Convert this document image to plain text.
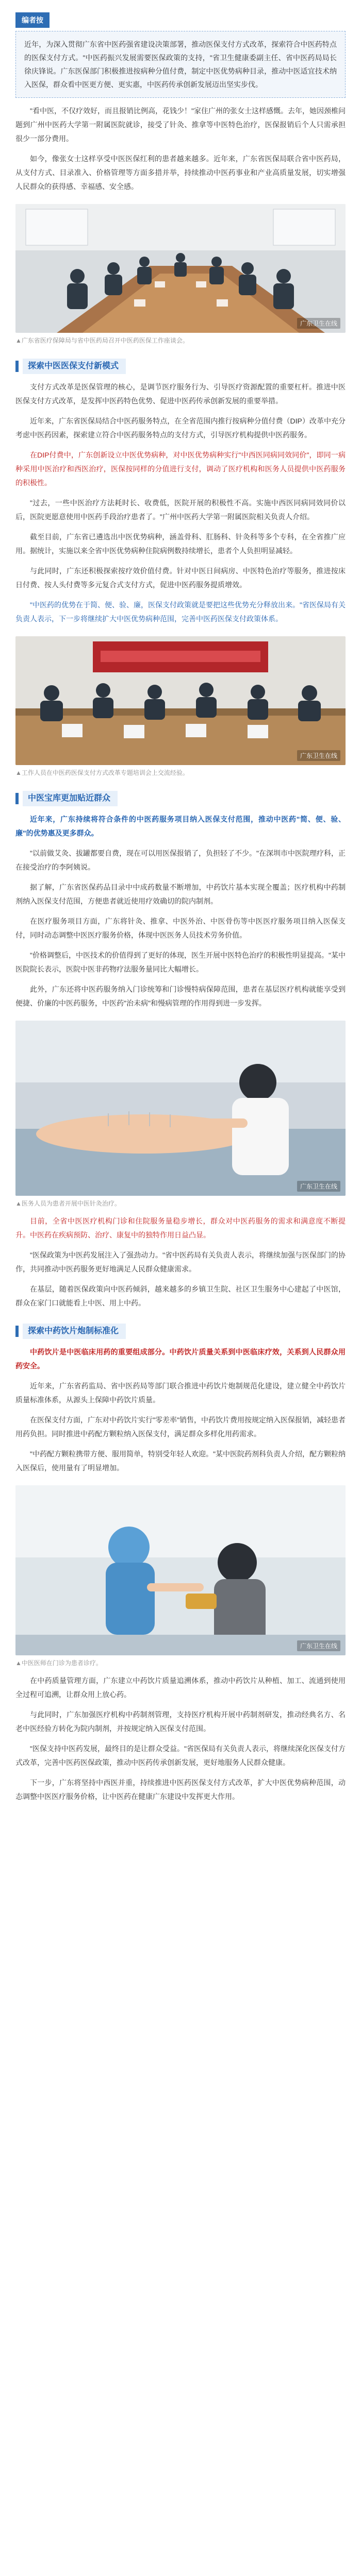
编者按
近年，为深入贯彻广东省中医药强省建设决策部署，推动医保支付方式改革，探索符合中医药特点的医保支付方式。"中医药振兴发展需要医保政策的支持，"省卫生健康委副主任、省中医药局局长徐庆锋说。广东医保部门积极推进按病种分值付费，制定中医优势病种目录，推动中医适宜技术纳入医保，群众看中医更方便、更实惠，中医药传承创新发展迈出坚实步伐。

"看中医，不仅疗效好，而且报销比例高，花钱少！"家住广州的张女士这样感慨。去年，她因颈椎问题到广州中医药大学第一附属医院就诊，接受了针灸、推拿等中医特色治疗，医保报销后个人只需承担很少一部分费用。

如今，像张女士这样享受中医医保红利的患者越来越多。近年来，广东省医保局联合省中医药局，从支付方式、目录准入、价格管理等方面多措并举，持续推动中医药事业和产业高质量发展，切实增强人民群众的获得感、幸福感、安全感。

广东卫生在线
▲广东省医疗保障局与省中医药局召开中医药医保工作座谈会。
探索中医医保支付新模式

支付方式改革是医保管理的核心，是调节医疗服务行为、引导医疗资源配置的重要杠杆。推进中医医保支付方式改革，是发挥中医药特色优势、促进中医药传承创新发展的重要举措。

近年来，广东省医保局结合中医药服务特点，在全省范围内推行按病种分值付费（DIP）改革中充分考虑中医药因素，探索建立符合中医药服务特点的支付方式，引导医疗机构提供中医药服务。

在DIP付费中，广东创新设立中医优势病种，对中医优势病种实行"中西医同病同效同价"，即同一病种采用中医治疗和西医治疗，医保按同样的分值进行支付，调动了医疗机构和医务人员提供中医药服务的积极性。

"过去，一些中医治疗方法耗时长、收费低，医院开展的积极性不高。实施中西医同病同效同价以后，医院更愿意使用中医药手段治疗患者了。"广州中医药大学第一附属医院相关负责人介绍。

截至目前，广东省已遴选出中医优势病种，涵盖骨科、肛肠科、针灸科等多个专科，在全省推广应用。据统计，实施以来全省中医优势病种住院病例数持续增长，患者个人负担明显减轻。

与此同时，广东还积极探索按疗效价值付费。针对中医日间病房、中医特色治疗等服务，推进按床日付费、按人头付费等多元复合式支付方式，促进中医药服务提质增效。

"中医药的优势在于简、便、验、廉，医保支付政策就是要把这些优势充分释放出来。"省医保局有关负责人表示，下一步将继续扩大中医优势病种范围，完善中医药医保支付政策体系。

广东卫生在线
▲工作人员在中医药医保支付方式改革专题培训会上交流经验。
中医宝库更加贴近群众

近年来，广东持续将符合条件的中医药服务项目纳入医保支付范围，推动中医药"简、便、验、廉"的优势惠及更多群众。

"以前做艾灸、拔罐都要自费，现在可以用医保报销了，负担轻了不少。"在深圳市中医院理疗科，正在接受治疗的李阿姨说。

据了解，广东省医保药品目录中中成药数量不断增加，中药饮片基本实现全覆盖；医疗机构中药制剂纳入医保支付范围，方便患者就近使用疗效确切的院内制剂。

在医疗服务项目方面，广东将针灸、推拿、中医外治、中医骨伤等中医医疗服务项目纳入医保支付，同时动态调整中医医疗服务价格，体现中医医务人员技术劳务价值。

"价格调整后，中医技术的价值得到了更好的体现，医生开展中医特色治疗的积极性明显提高。"某中医院院长表示，医院中医非药物疗法服务量同比大幅增长。

此外，广东还将中医药服务纳入门诊统筹和门诊慢特病保障范围，患者在基层医疗机构就能享受到便捷、价廉的中医药服务，中医药"治未病"和慢病管理的作用得到进一步发挥。

广东卫生在线
▲医务人员为患者开展中医针灸治疗。

目前，全省中医医疗机构门诊和住院服务量稳步增长，群众对中医药服务的需求和满意度不断提升。中医药在疾病预防、治疗、康复中的独特作用日益凸显。

"医保政策为中医药发展注入了强劲动力。"省中医药局有关负责人表示，将继续加强与医保部门的协作，共同推动中医药服务更好地满足人民群众健康需求。

在基层，随着医保政策向中医药倾斜，越来越多的乡镇卫生院、社区卫生服务中心建起了中医馆，群众在家门口就能看上中医、用上中药。

探索中药饮片炮制标准化

中药饮片是中医临床用药的重要组成部分。中药饮片质量关系到中医临床疗效，关系到人民群众用药安全。

近年来，广东省药监局、省中医药局等部门联合推进中药饮片炮制规范化建设，建立健全中药饮片质量标准体系，从源头上保障中药饮片质量。

在医保支付方面，广东对中药饮片实行"零差率"销售，中药饮片费用按规定纳入医保报销，减轻患者用药负担。同时推进中药配方颗粒纳入医保支付，满足群众多样化用药需求。

"中药配方颗粒携带方便、服用简单，特别受年轻人欢迎。"某中医院药剂科负责人介绍，配方颗粒纳入医保后，使用量有了明显增加。

广东卫生在线
▲中医医师在门诊为患者诊疗。

在中药质量管理方面，广东建立中药饮片质量追溯体系，推动中药饮片从种植、加工、流通到使用全过程可追溯，让群众用上放心药。

与此同时，广东加强医疗机构中药制剂管理，支持医疗机构开展中药制剂研发，推动经典名方、名老中医经验方转化为院内制剂，并按规定纳入医保支付范围。

"医保支持中医药发展，最终目的是让群众受益。"省医保局有关负责人表示，将继续深化医保支付方式改革，完善中医药医保政策，推动中医药传承创新发展，更好地服务人民群众健康。

下一步，广东将坚持中西医并重，持续推进中医药医保支付方式改革，扩大中医优势病种范围，动态调整中医医疗服务价格，让中医药在健康广东建设中发挥更大作用。
